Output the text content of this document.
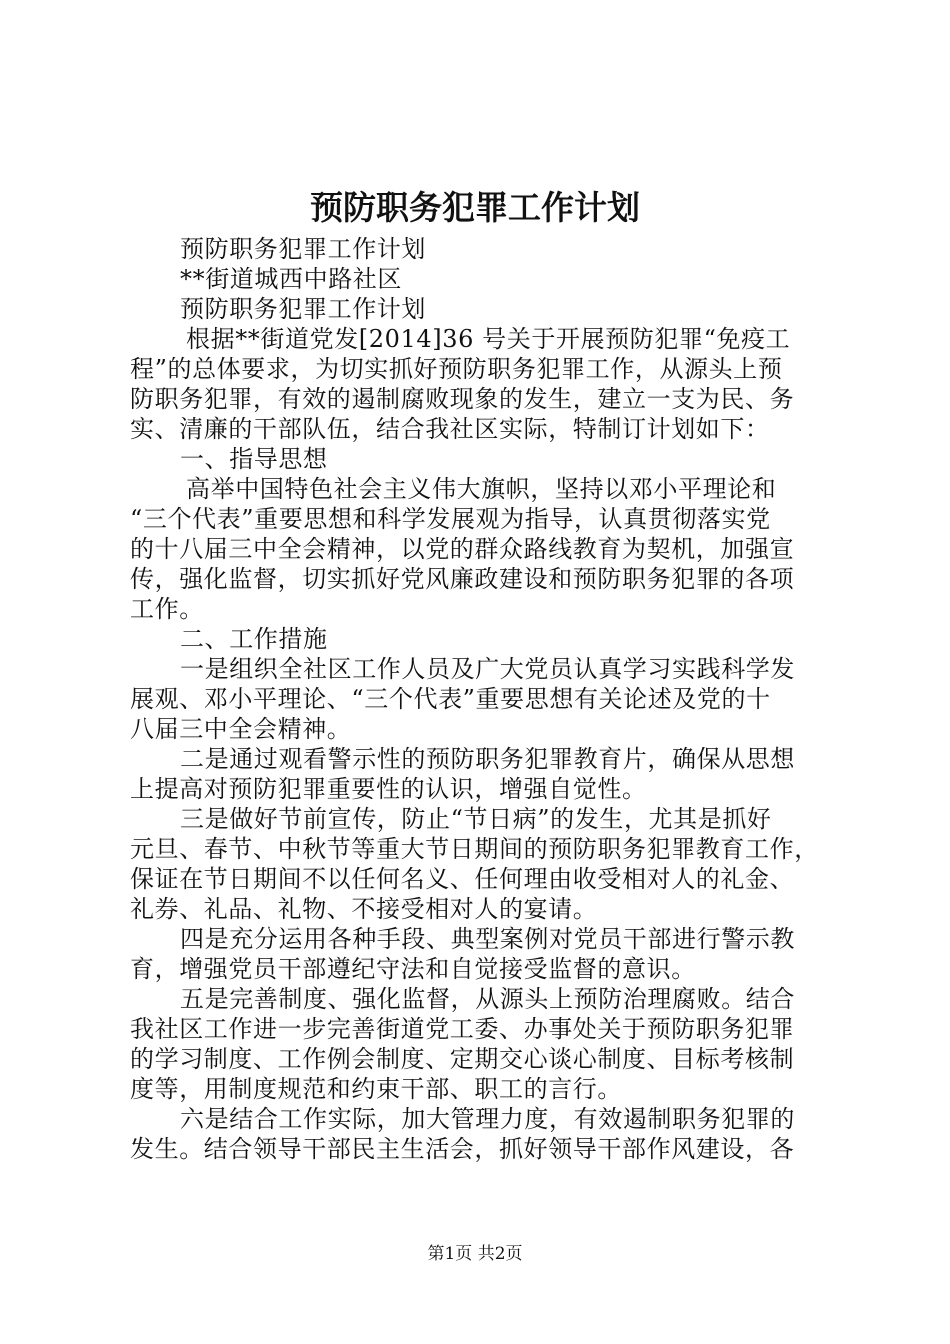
预防职务犯罪工作计划
预防职务犯罪工作计划
**街道城西中路社区
预防职务犯罪工作计划
根据**街道党发[2014]36 号关于开展预防犯罪“免疫工
程”的总体要求，为切实抓好预防职务犯罪工作，从源头上预
防职务犯罪，有效的遏制腐败现象的发生，建立一支为民、务
实、清廉的干部队伍，结合我社区实际，特制订计划如下：
一、指导思想
高举中国特色社会主义伟大旗帜，坚持以邓小平理论和
“三个代表”重要思想和科学发展观为指导，认真贯彻落实党
的十八届三中全会精神，以党的群众路线教育为契机，加强宣
传，强化监督，切实抓好党风廉政建设和预防职务犯罪的各项
工作。
二、工作措施
一是组织全社区工作人员及广大党员认真学习实践科学发
展观、邓小平理论、“三个代表”重要思想有关论述及党的十
八届三中全会精神。
二是通过观看警示性的预防职务犯罪教育片，确保从思想
上提高对预防犯罪重要性的认识，增强自觉性。
三是做好节前宣传，防止“节日病”的发生，尤其是抓好
元旦、春节、中秋节等重大节日期间的预防职务犯罪教育工作，
保证在节日期间不以任何名义、任何理由收受相对人的礼金、
礼券、礼品、礼物、不接受相对人的宴请。
四是充分运用各种手段、典型案例对党员干部进行警示教
育，增强党员干部遵纪守法和自觉接受监督的意识。
五是完善制度、强化监督，从源头上预防治理腐败。结合
我社区工作进一步完善街道党工委、办事处关于预防职务犯罪
的学习制度、工作例会制度、定期交心谈心制度、目标考核制
度等，用制度规范和约束干部、职工的言行。
六是结合工作实际，加大管理力度，有效遏制职务犯罪的
发生。结合领导干部民主生活会，抓好领导干部作风建设，各
第1页 共2页
